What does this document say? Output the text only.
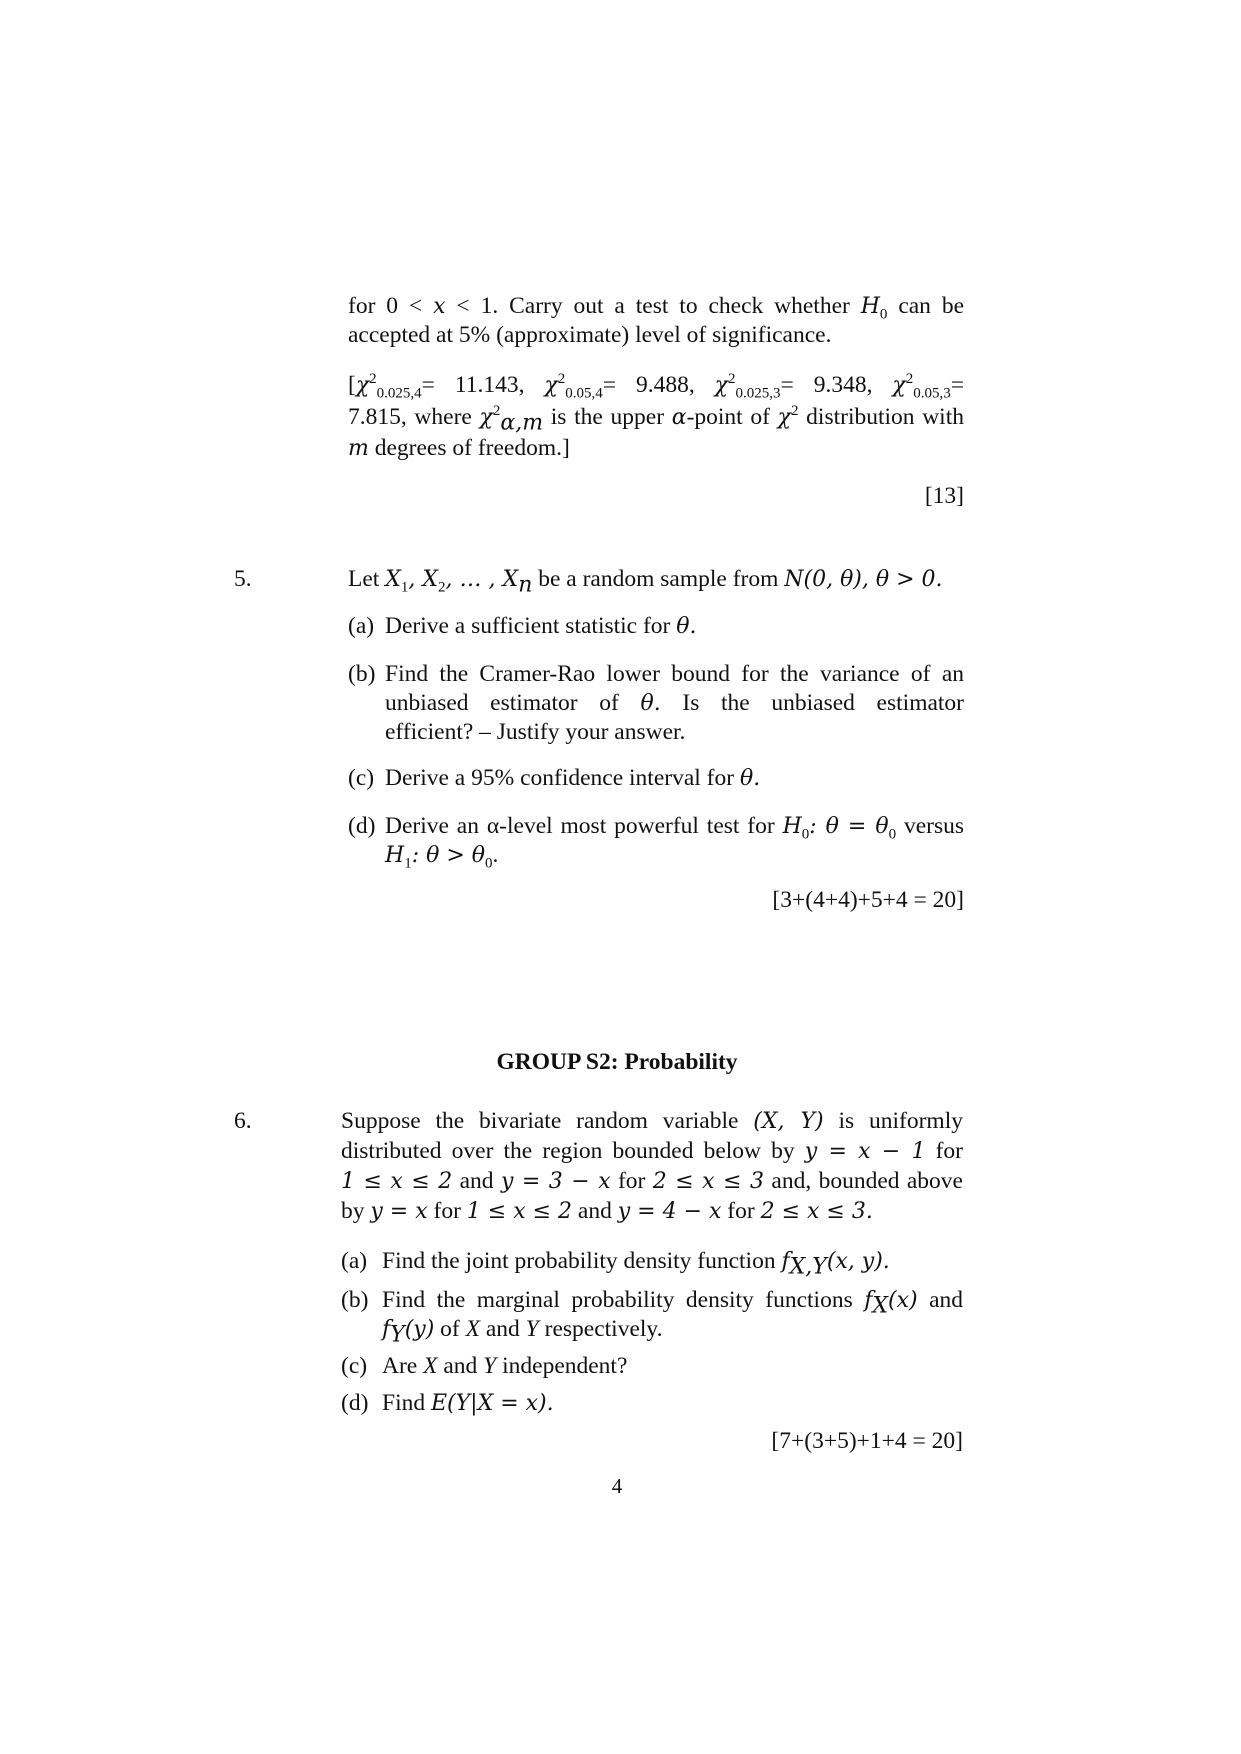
for 0 < x < 1. Carry out a test to check whether $H_0$ can be
accepted at 5% (approximate) level of significance.
[$\chi^2_{0.025,4}= 11.143$, $\chi^2_{0.05,4}= 9.488$, $\chi^2_{0.025,3}= 9.348$, $\chi^2_{0.05,3}=$
7.815, where $\chi^2_{\alpha,m}$ is the upper α-point of $\chi^2$ distribution with
m degrees of freedom.]
[13]
5.	Let $X_1$, $X_2$, … , $X_n$ be a random sample from N(0, θ), θ > 0.
(a) Derive a sufficient statistic for θ.
(b) Find the Cramer-Rao lower bound for the variance of an
unbiased estimator of θ. Is the unbiased estimator
efficient? – Justify your answer.
(c) Derive a 95% confidence interval for θ.
(d) Derive an α-level most powerful test for $H_0$: $\theta = \theta_0$ versus
$H_1$: $\theta > \theta_0$.
[3+(4+4)+5+4 = 20]
GROUP S2: Probability
6.	Suppose the bivariate random variable (X, Y) is uniformly
distributed over the region bounded below by y = x − 1 for
1 ≤ x ≤ 2 and y = 3 − x for 2 ≤ x ≤ 3 and, bounded above
by y = x for 1 ≤ x ≤ 2 and y = 4 − x for 2 ≤ x ≤ 3.
(a) Find the joint probability density function $f_{X,Y}(x$, y).
(b) Find the marginal probability density functions $f_X(x)$ and
$f_Y(y)$ of X and Y respectively.
(c) Are X and Y independent?
(d) Find E(Y|X = x).
[7+(3+5)+1+4 = 20]
4
